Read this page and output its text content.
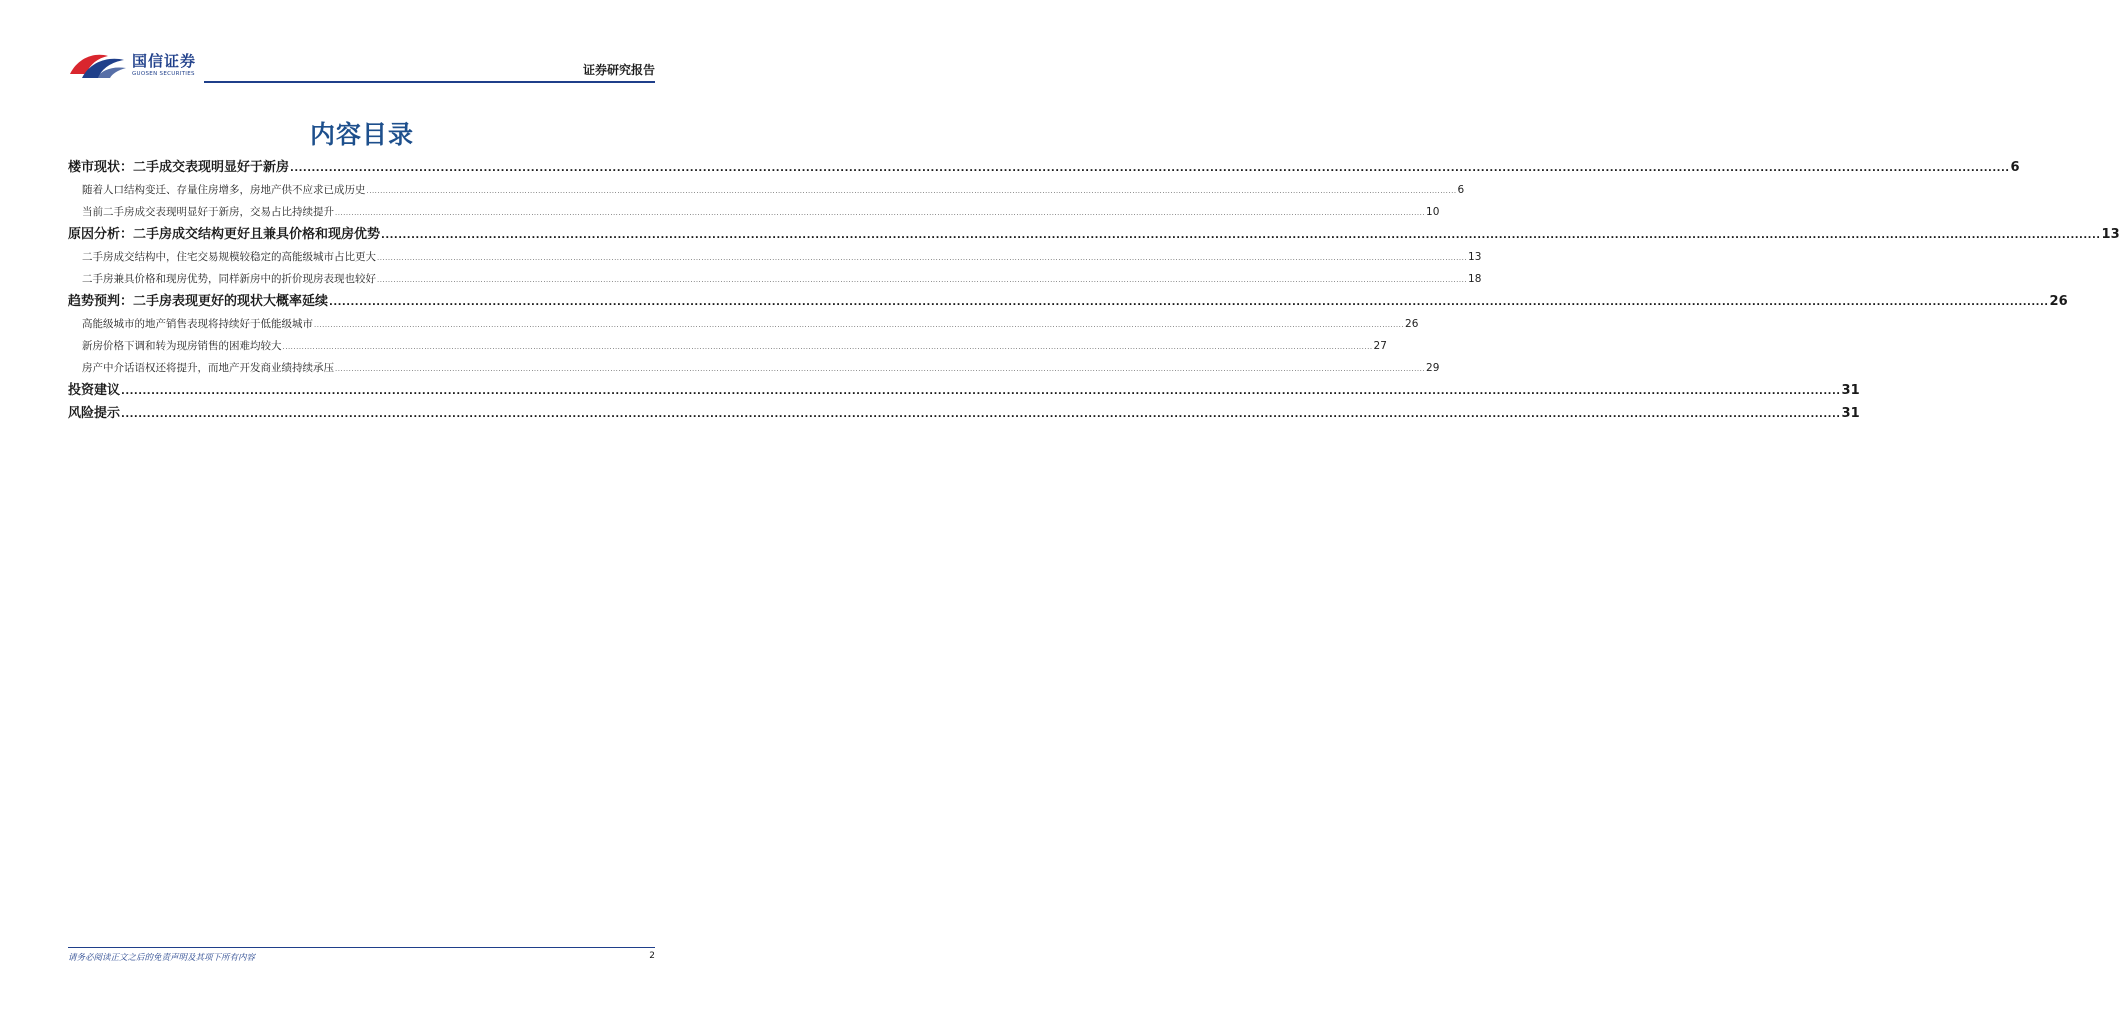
国信证券
GUOSEN SECURITIES	证券研究报告
内容目录
楼市现状：二手成交表现明显好于新房 ................................................................................................................................................................................................................................................................................................................................................................................................................ 6
随着人口结构变迁、存量住房增多，房地产供不应求已成历史 ................................................................................................................................................................................................................................................................................................................................................................................................................ 6
当前二手房成交表现明显好于新房，交易占比持续提升 ................................................................................................................................................................................................................................................................................................................................................................................................................ 10
原因分析：二手房成交结构更好且兼具价格和现房优势 ................................................................................................................................................................................................................................................................................................................................................................................................................ 13
二手房成交结构中，住宅交易规模较稳定的高能级城市占比更大 ................................................................................................................................................................................................................................................................................................................................................................................................................ 13
二手房兼具价格和现房优势，同样新房中的折价现房表现也较好 ................................................................................................................................................................................................................................................................................................................................................................................................................ 18
趋势预判：二手房表现更好的现状大概率延续 ................................................................................................................................................................................................................................................................................................................................................................................................................ 26
高能级城市的地产销售表现将持续好于低能级城市 ................................................................................................................................................................................................................................................................................................................................................................................................................ 26
新房价格下调和转为现房销售的困难均较大 ................................................................................................................................................................................................................................................................................................................................................................................................................ 27
房产中介话语权还将提升，而地产开发商业绩持续承压 ................................................................................................................................................................................................................................................................................................................................................................................................................ 29
投资建议 ................................................................................................................................................................................................................................................................................................................................................................................................................ 31
风险提示 ................................................................................................................................................................................................................................................................................................................................................................................................................ 31
请务必阅读正文之后的免责声明及其项下所有内容	2
